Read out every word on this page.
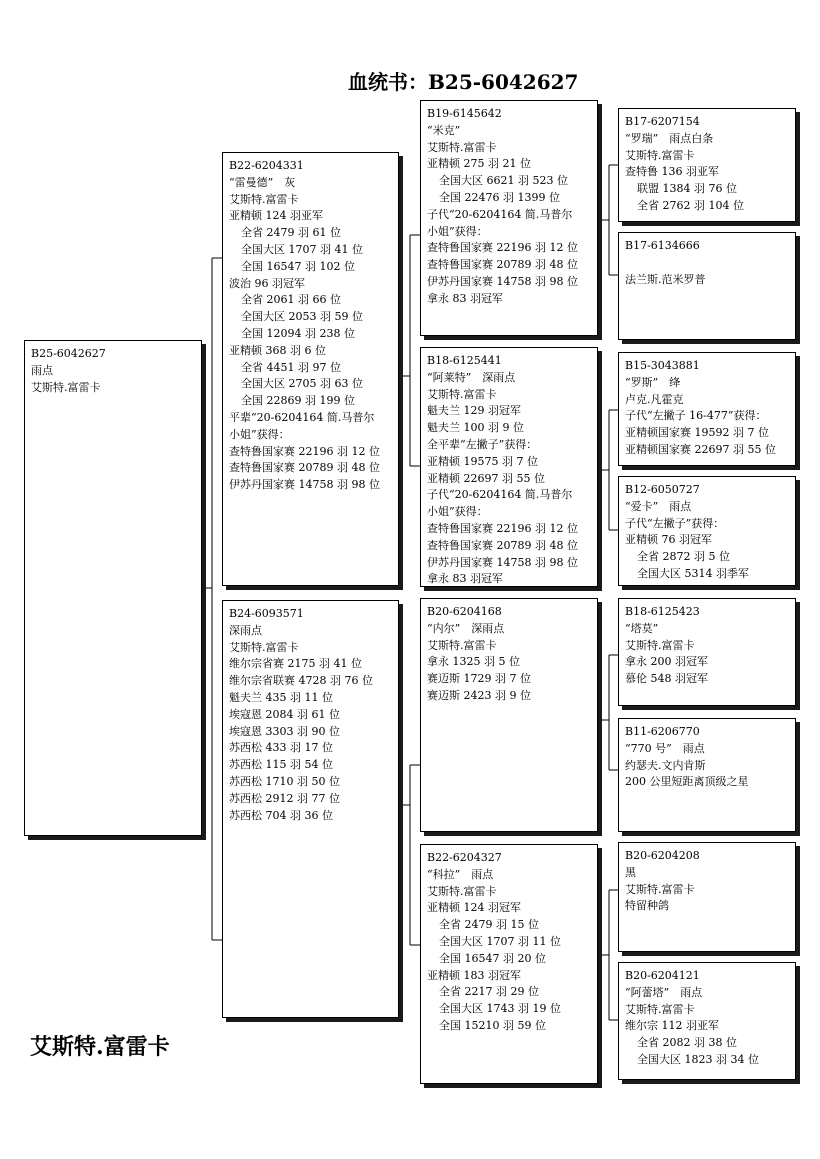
血统书：B25-6042627
B25-6042627
雨点
艾斯特.富雷卡
B22-6204331
“雷曼德”　灰
艾斯特.富雷卡
亚精顿 124 羽亚军
全省 2479 羽 61 位
全国大区 1707 羽 41 位
全国 16547 羽 102 位
波治 96 羽冠军
全省 2061 羽 66 位
全国大区 2053 羽 59 位
全国 12094 羽 238 位
亚精顿 368 羽 6 位
全省 4451 羽 97 位
全国大区 2705 羽 63 位
全国 22869 羽 199 位
平辈“20-6204164 简.马普尔
小姐”获得：
查特鲁国家赛 22196 羽 12 位
查特鲁国家赛 20789 羽 48 位
伊苏丹国家赛 14758 羽 98 位
B24-6093571
深雨点
艾斯特.富雷卡
维尔宗省赛 2175 羽 41 位
维尔宗省联赛 4728 羽 76 位
魁夫兰 435 羽 11 位
埃寇恩 2084 羽 61 位
埃寇恩 3303 羽 90 位
苏西松 433 羽 17 位
苏西松 115 羽 54 位
苏西松 1710 羽 50 位
苏西松 2912 羽 77 位
苏西松 704 羽 36 位
B19-6145642
“米克”
艾斯特.富雷卡
亚精顿 275 羽 21 位
全国大区 6621 羽 523 位
全国 22476 羽 1399 位
子代“20-6204164 简.马普尔
小姐”获得：
查特鲁国家赛 22196 羽 12 位
查特鲁国家赛 20789 羽 48 位
伊苏丹国家赛 14758 羽 98 位
拿永 83 羽冠军
B18-6125441
“阿莱特”　深雨点
艾斯特.富雷卡
魁夫兰 129 羽冠军
魁夫兰 100 羽 9 位
全平辈“左撇子”获得：
亚精顿 19575 羽 7 位
亚精顿 22697 羽 55 位
子代“20-6204164 简.马普尔
小姐”获得：
查特鲁国家赛 22196 羽 12 位
查特鲁国家赛 20789 羽 48 位
伊苏丹国家赛 14758 羽 98 位
拿永 83 羽冠军
B20-6204168
“内尔”　深雨点
艾斯特.富雷卡
拿永 1325 羽 5 位
赛迈斯 1729 羽 7 位
赛迈斯 2423 羽 9 位
B22-6204327
“科拉”　雨点
艾斯特.富雷卡
亚精顿 124 羽冠军
全省 2479 羽 15 位
全国大区 1707 羽 11 位
全国 16547 羽 20 位
亚精顿 183 羽冠军
全省 2217 羽 29 位
全国大区 1743 羽 19 位
全国 15210 羽 59 位
B17-6207154
“罗瑞”　雨点白条
艾斯特.富雷卡
查特鲁 136 羽亚军
联盟 1384 羽 76 位
全省 2762 羽 104 位
B17-6134666

法兰斯.范米罗普
B15-3043881
“罗斯”　绛
卢克.凡霍克
子代“左撇子 16-477”获得：
亚精顿国家赛 19592 羽 7 位
亚精顿国家赛 22697 羽 55 位
B12-6050727
“爱卡”　雨点
子代“左撇子”获得：
亚精顿 76 羽冠军
全省 2872 羽 5 位
全国大区 5314 羽季军
B18-6125423
“塔莫”
艾斯特.富雷卡
拿永 200 羽冠军
慕伦 548 羽冠军
B11-6206770
“770 号”　雨点
约瑟夫.文内肯斯
200 公里短距离顶级之星
B20-6204208
黑
艾斯特.富雷卡
特留种鸽
B20-6204121
“阿蕾塔”　雨点
艾斯特.富雷卡
维尔宗 112 羽亚军
全省 2082 羽 38 位
全国大区 1823 羽 34 位
艾斯特.富雷卡
